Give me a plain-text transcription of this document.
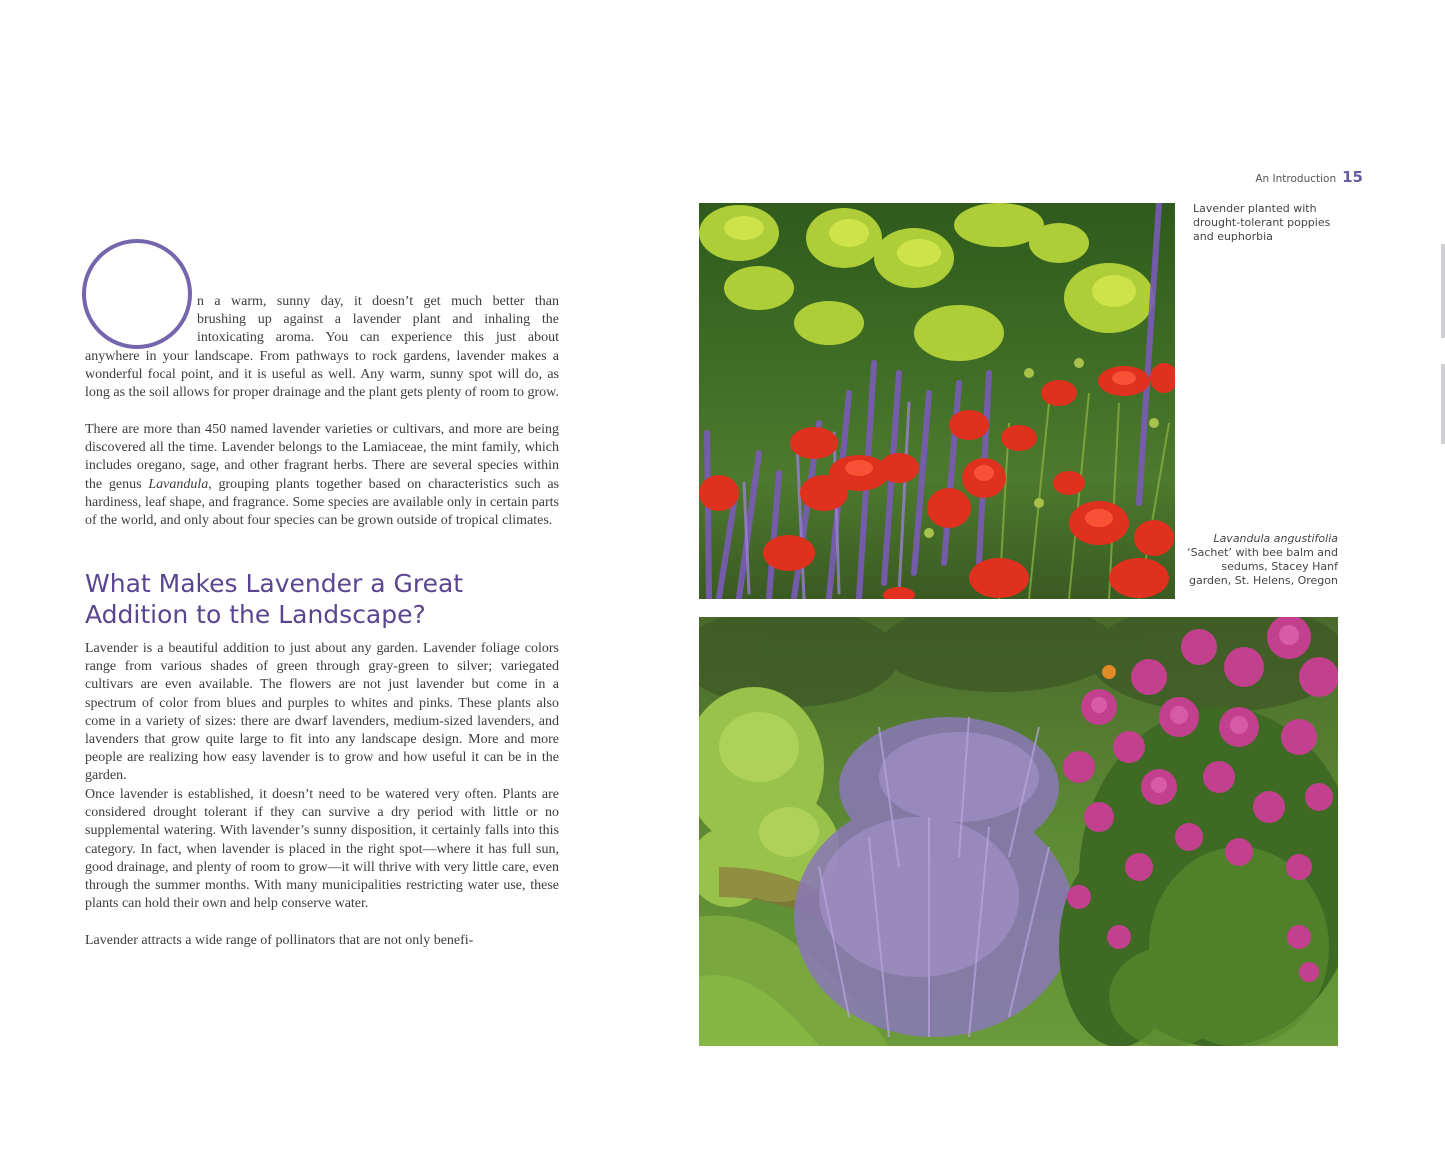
An Introduction 15
n a warm, sunny day, it doesn’t get much better than
brushing up against a lavender plant and inhaling the
intoxicating aroma. You can experience this just about

anywhere in your landscape. From pathways to rock gardens, lavender makes a wonderful focal point, and it is useful as well. Any warm, sunny spot will do, as long as the soil allows for proper drainage and the plant gets plenty of room to grow.

There are more than 450 named lavender varieties or cultivars, and more are being discovered all the time. Lavender belongs to the Lamiaceae, the mint family, which includes oregano, sage, and other fragrant herbs. There are several species within the genus Lavandula, grouping plants together based on characteristics such as hardiness, leaf shape, and fragrance. Some species are available only in certain parts of the world, and only about four species can be grown outside of tropical climates.

What Makes Lavender a Great
Addition to the Landscape?

Lavender is a beautiful addition to just about any garden. Lavender foliage colors range from various shades of green through gray-green to silver; variegated cultivars are even available. The flowers are not just lavender but come in a spectrum of color from blues and purples to whites and pinks. These plants also come in a variety of sizes: there are dwarf lavenders, medium-sized lavenders, and lavenders that grow quite large to fit into any landscape design. More and more people are realizing how easy lavender is to grow and how useful it can be in the garden.

Once lavender is established, it doesn’t need to be watered very often. Plants are considered drought tolerant if they can survive a dry period with little or no supplemental watering. With lavender’s sunny disposition, it certainly falls into this category. In fact, when lavender is placed in the right spot—where it has full sun, good drainage, and plenty of room to grow—it will thrive with very little care, even through the summer months. With many municipalities restricting water use, these plants can hold their own and help conserve water.

Lavender attracts a wide range of pollinators that are not only benefi-

Lavender planted with drought-tolerant poppies and euphorbia
Lavandula angustifolia ‘Sachet’ with bee balm and sedums, Stacey Hanf garden, St. Helens, Oregon
